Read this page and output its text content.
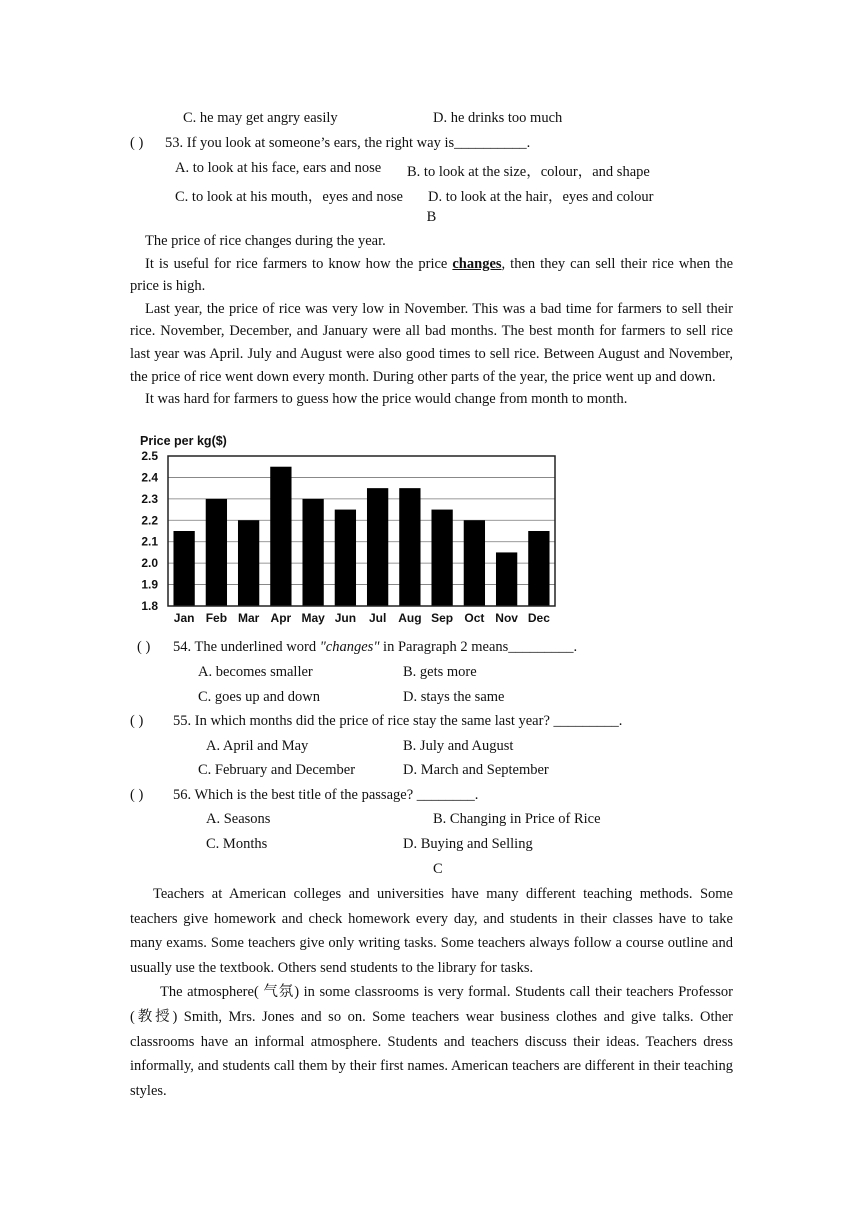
C. he may get angry easily	D. he drinks too much
( ) 53. If you look at someone’s ears, the right way is__________.
A. to look at his face, ears and nose B. to look at the size，colour，and shape
C. to look at his mouth，eyes and nose D. to look at the hair，eyes and colour
B

The price of rice changes during the year.

It is useful for rice farmers to know how the price changes, then they can sell their rice when the price is high.

Last year, the price of rice was very low in November. This was a bad time for farmers to sell their rice. November, December, and January were all bad months. The best month for farmers to sell rice last year was April. July and August were also good times to sell rice. Between August and November, the price of rice went down every month. During other parts of the year, the price went up and down.

It was hard for farmers to guess how the price would change from month to month.

Price per kg($)
1.8
1.9
2.0
2.1
2.2
2.3
2.4
2.5
Jan Feb Mar Apr May Jun Jul Aug Sep Oct Nov Dec
( ) 54. The underlined word "changes" in Paragraph 2 means_________.
A. becomes smaller	B. gets more
C. goes up and down	D. stays the same
( ) 55. In which months did the price of rice stay the same last year? _________.
A. April and May	B. July and August
C. February and December	D. March and September
( ) 56. Which is the best title of the passage? ________.
A. Seasons	B. Changing in Price of Rice
C. Months	D. Buying and Selling
C

Teachers at American colleges and universities have many different teaching methods. Some teachers give homework and check homework every day, and students in their classes have to take many exams. Some teachers give only writing tasks. Some teachers always follow a course outline and usually use the textbook. Others send students to the library for tasks.

The atmosphere( 气氛) in some classrooms is very formal. Students call their teachers Professor (教授) Smith, Mrs. Jones and so on. Some teachers wear business clothes and give talks. Other classrooms have an informal atmosphere. Students and teachers discuss their ideas. Teachers dress informally, and students call them by their first names. American teachers are different in their teaching styles.
